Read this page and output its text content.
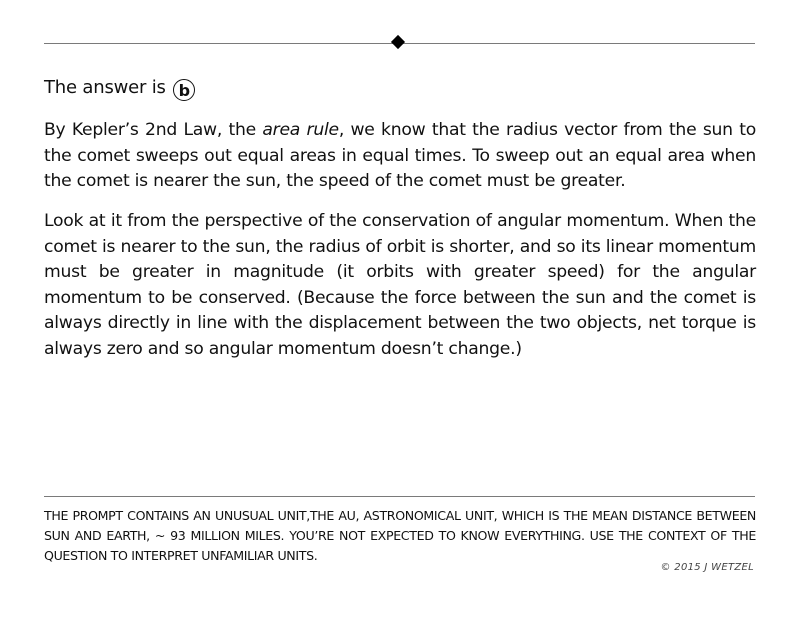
The answer is b

By Kepler’s 2nd Law, the area rule, we know that the radius vector from the sun to the comet sweeps out equal areas in equal times. To sweep out an equal area when the comet is nearer the sun, the speed of the comet must be greater.

Look at it from the perspective of the conservation of angular momentum. When the comet is nearer to the sun, the radius of orbit is shorter, and so its linear momentum must be greater in magnitude (it orbits with greater speed) for the angular momentum to be conserved. (Because the force between the sun and the comet is always directly in line with the displacement between the two objects, net torque is always zero and so angular momentum doesn’t change.)

THE PROMPT CONTAINS AN UNUSUAL UNIT,THE AU, ASTRONOMICAL UNIT, WHICH IS THE MEAN DISTANCE BETWEEN SUN AND EARTH, ~ 93 MILLION MILES. YOU’RE NOT EXPECTED TO KNOW EVERYTHING. USE THE CONTEXT OF THE QUESTION TO INTERPRET UNFAMILIAR UNITS.

© 2015 J WETZEL
